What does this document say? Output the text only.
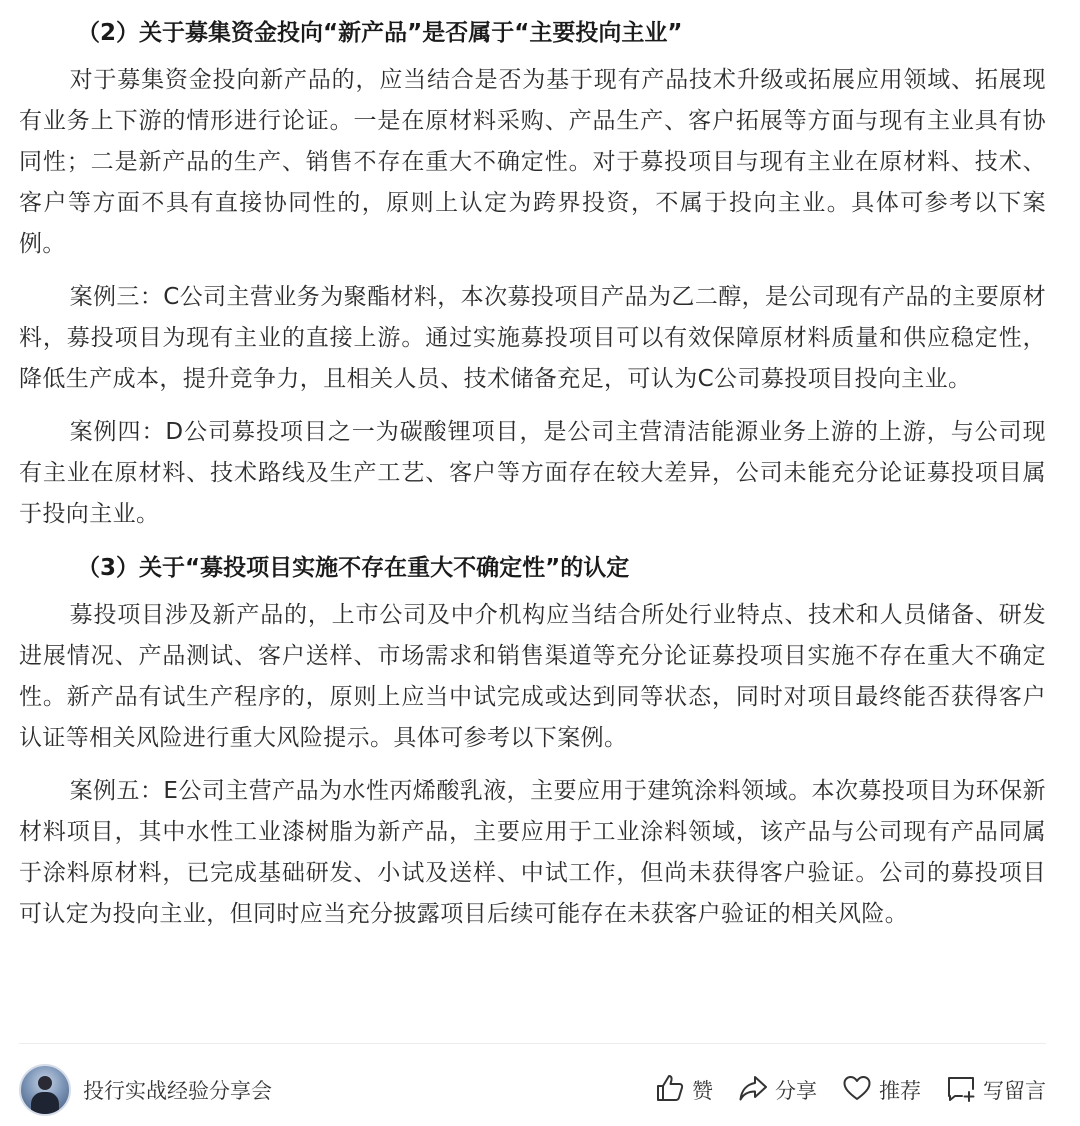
（2）关于募集资金投向“新产品”是否属于“主要投向主业”

对于募集资金投向新产品的，应当结合是否为基于现有产品技术升级或拓展应用领域、拓展现有业务上下游的情形进行论证。一是在原材料采购、产品生产、客户拓展等方面与现有主业具有协同性；二是新产品的生产、销售不存在重大不确定性。对于募投项目与现有主业在原材料、技术、客户等方面不具有直接协同性的，原则上认定为跨界投资，不属于投向主业。具体可参考以下案例。

案例三：C公司主营业务为聚酯材料，本次募投项目产品为乙二醇，是公司现有产品的主要原材料，募投项目为现有主业的直接上游。通过实施募投项目可以有效保障原材料质量和供应稳定性，降低生产成本，提升竞争力，且相关人员、技术储备充足，可认为C公司募投项目投向主业。

案例四：D公司募投项目之一为碳酸锂项目，是公司主营清洁能源业务上游的上游，与公司现有主业在原材料、技术路线及生产工艺、客户等方面存在较大差异，公司未能充分论证募投项目属于投向主业。

（3）关于“募投项目实施不存在重大不确定性”的认定

募投项目涉及新产品的，上市公司及中介机构应当结合所处行业特点、技术和人员储备、研发进展情况、产品测试、客户送样、市场需求和销售渠道等充分论证募投项目实施不存在重大不确定性。新产品有试生产程序的，原则上应当中试完成或达到同等状态，同时对项目最终能否获得客户认证等相关风险进行重大风险提示。具体可参考以下案例。

案例五：E公司主营产品为水性丙烯酸乳液，主要应用于建筑涂料领域。本次募投项目为环保新材料项目，其中水性工业漆树脂为新产品，主要应用于工业涂料领域，该产品与公司现有产品同属于涂料原材料，已完成基础研发、小试及送样、中试工作，但尚未获得客户验证。公司的募投项目可认定为投向主业，但同时应当充分披露项目后续可能存在未获客户验证的相关风险。

投行实战经验分享会	赞	分享	推荐	写留言
